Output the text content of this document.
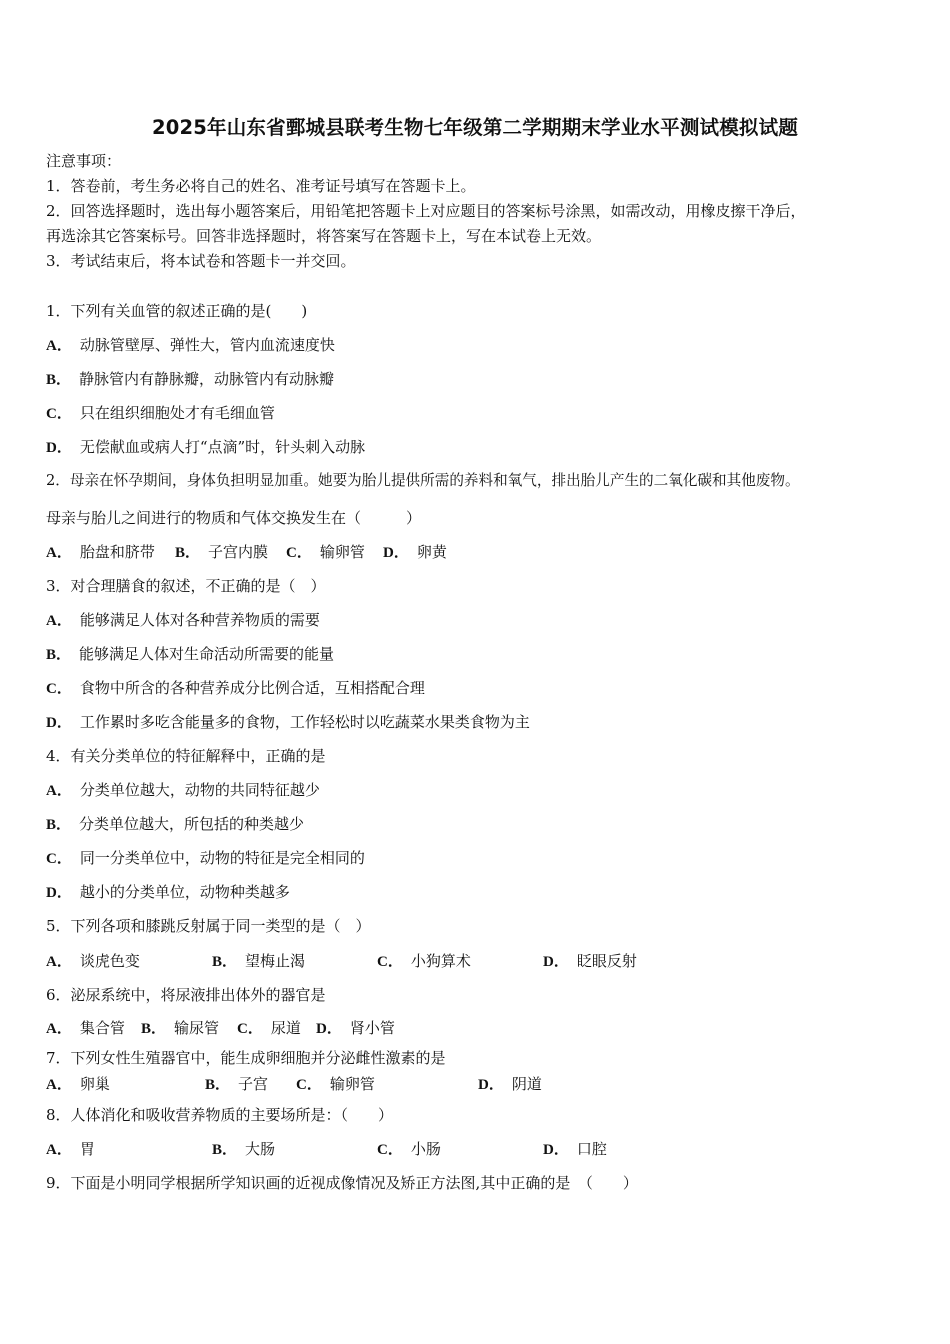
2025年山东省鄄城县联考生物七年级第二学期期末学业水平测试模拟试题
注意事项：
1．答卷前，考生务必将自己的姓名、准考证号填写在答题卡上。
2．回答选择题时，选出每小题答案后，用铅笔把答题卡上对应题目的答案标号涂黑，如需改动，用橡皮擦干净后，
再选涂其它答案标号。回答非选择题时，将答案写在答题卡上，写在本试卷上无效。
3．考试结束后，将本试卷和答题卡一并交回。
1．下列有关血管的叙述正确的是(　　)
A． 动脉管壁厚、弹性大，管内血流速度快
B． 静脉管内有静脉瓣，动脉管内有动脉瓣
C． 只在组织细胞处才有毛细血管
D． 无偿献血或病人打“点滴”时，针头刺入动脉
2．母亲在怀孕期间，身体负担明显加重。她要为胎儿提供所需的养料和氧气，排出胎儿产生的二氧化碳和其他废物。
母亲与胎儿之间进行的物质和气体交换发生在（　　　）
A． 胎盘和脐带 B． 子宫内膜 C． 输卵管 D． 卵黄
3．对合理膳食的叙述，不正确的是（　）
A． 能够满足人体对各种营养物质的需要
B． 能够满足人体对生命活动所需要的能量
C． 食物中所含的各种营养成分比例合适，互相搭配合理
D． 工作累时多吃含能量多的食物，工作轻松时以吃蔬菜水果类食物为主
4．有关分类单位的特征解释中，正确的是
A． 分类单位越大，动物的共同特征越少
B． 分类单位越大，所包括的种类越少
C． 同一分类单位中，动物的特征是完全相同的
D． 越小的分类单位，动物种类越多
5．下列各项和膝跳反射属于同一类型的是（　）
A． 谈虎色变	B． 望梅止渴	C． 小狗算术	D． 眨眼反射
6．泌尿系统中，将尿液排出体外的器官是
A． 集合管 B． 输尿管 C． 尿道 D． 肾小管
7．下列女性生殖器官中，能生成卵细胞并分泌雌性激素的是
A． 卵巢	B． 子宫 C． 输卵管	D． 阴道
8．人体消化和吸收营养物质的主要场所是：（　　）
A． 胃	B． 大肠	C． 小肠	D． 口腔
9．下面是小明同学根据所学知识画的近视成像情况及矫正方法图,其中正确的是　（　　）
